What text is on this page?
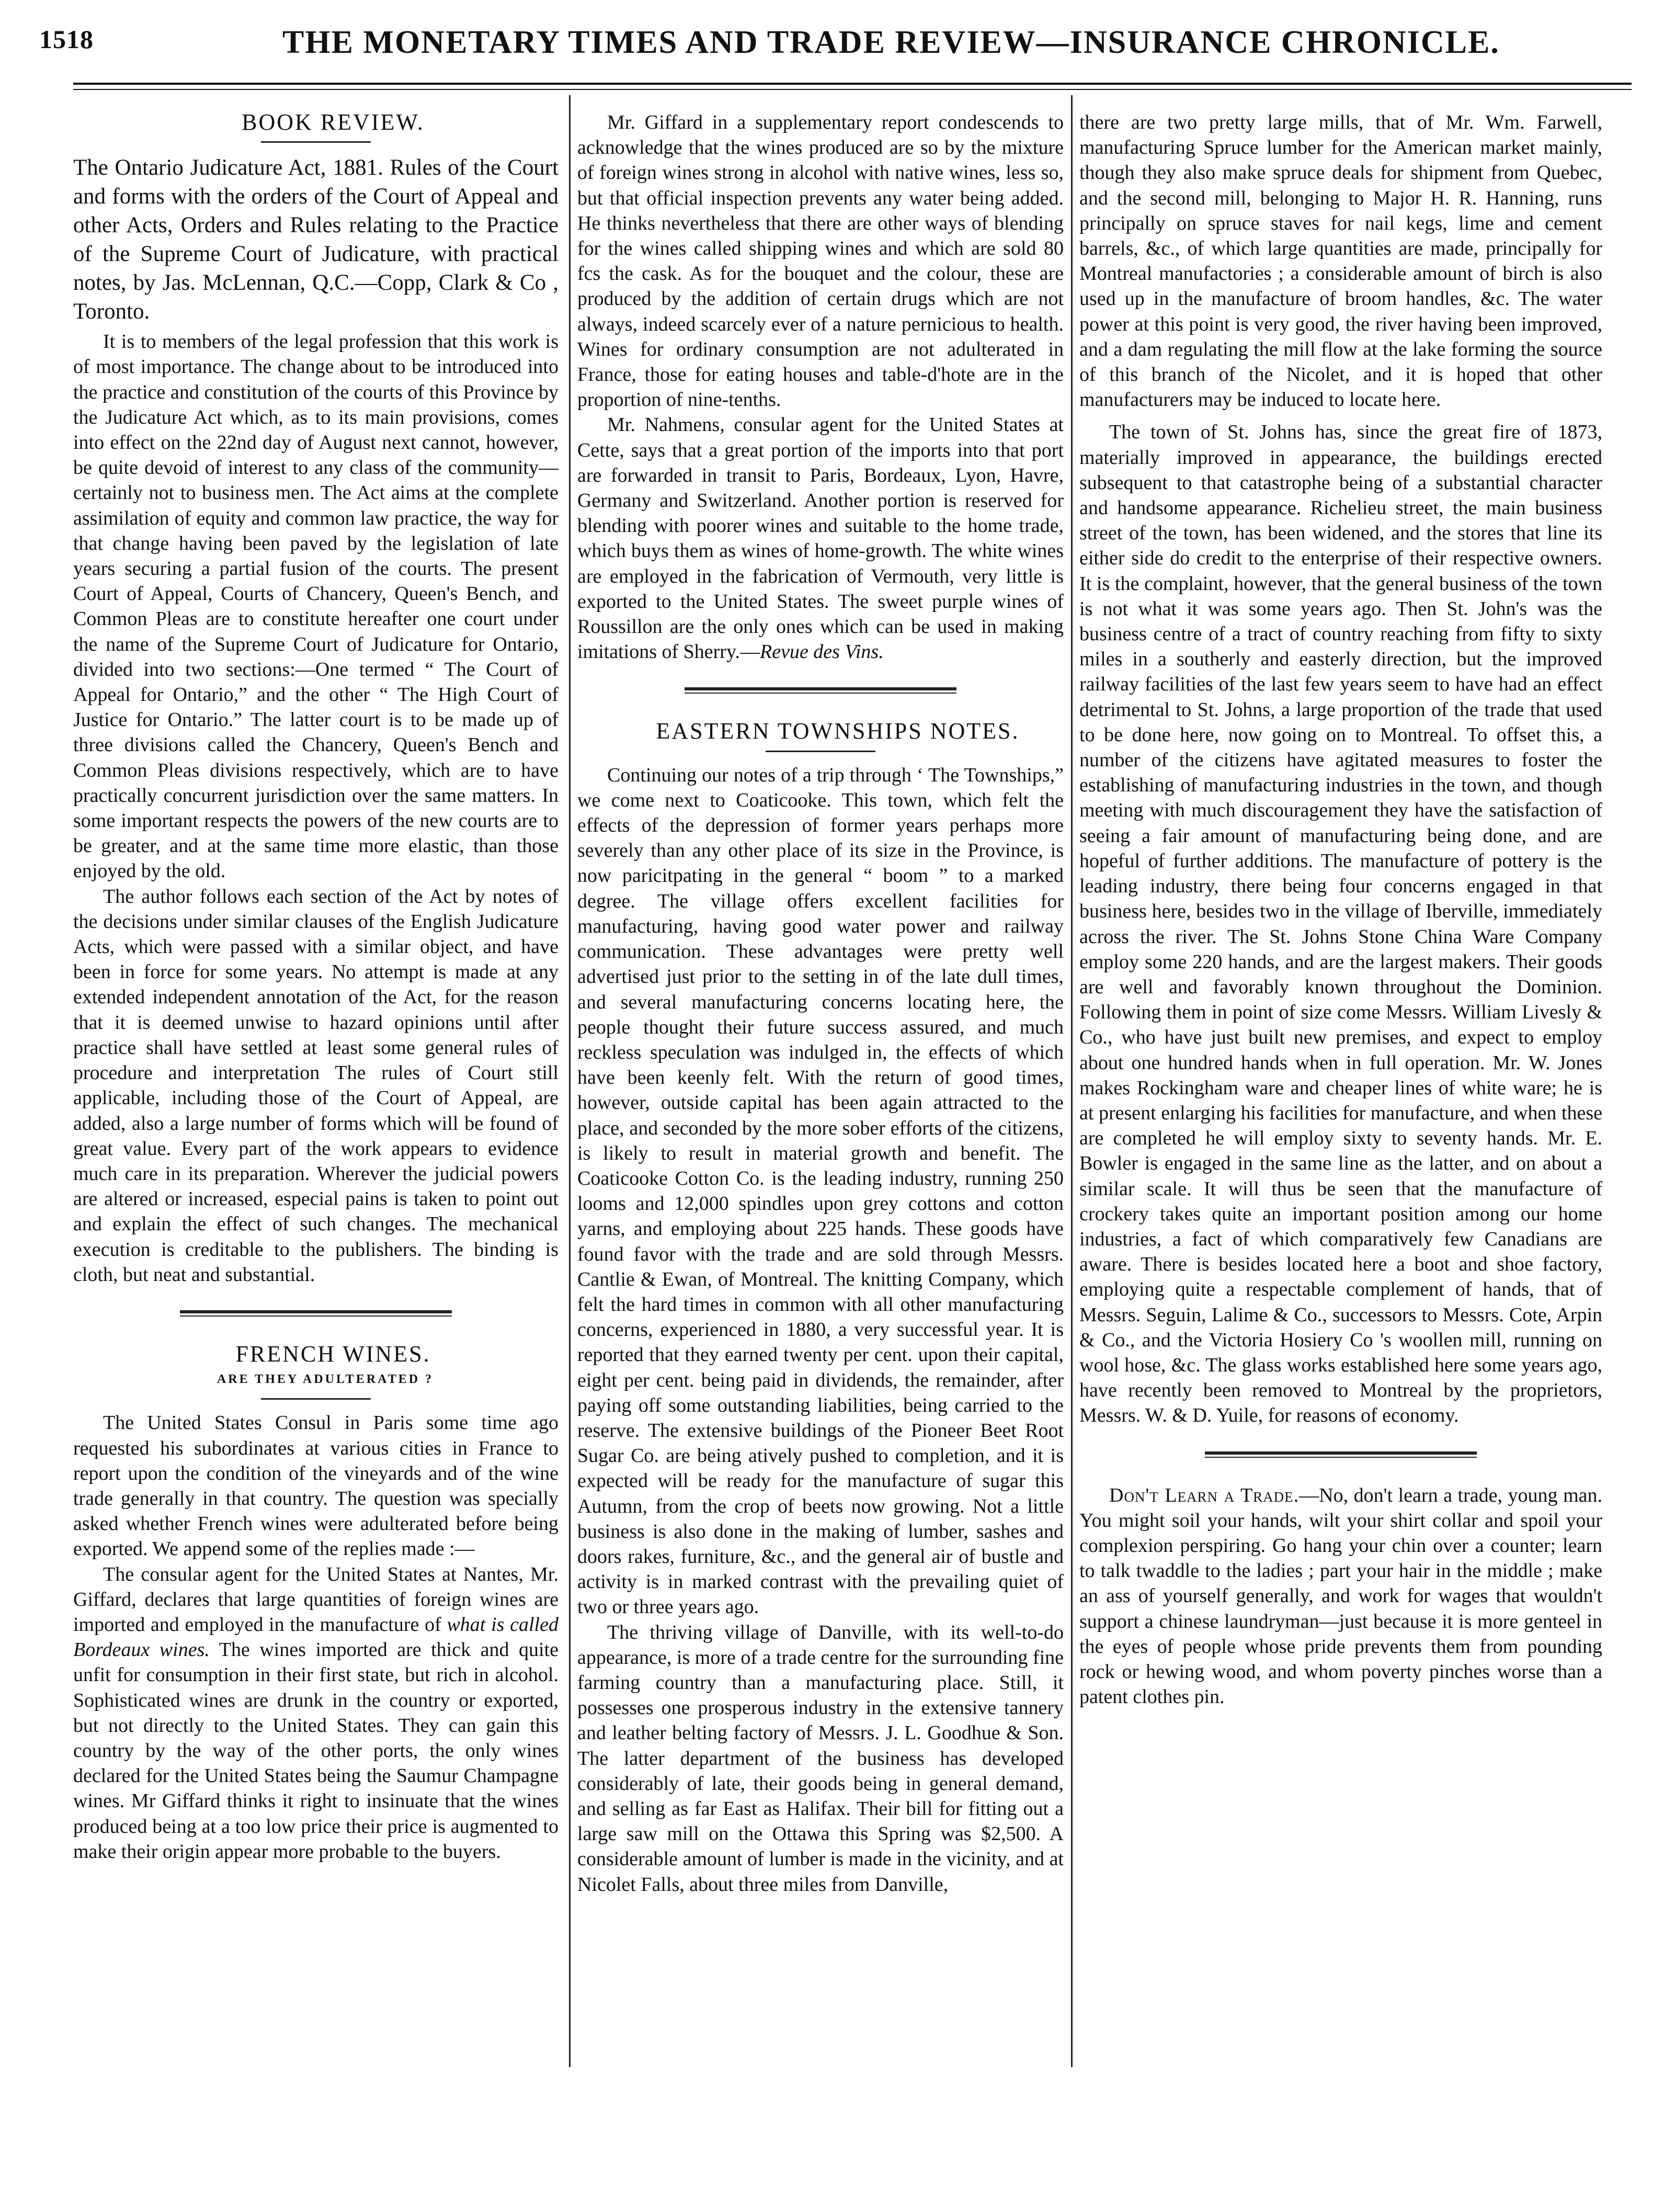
1518	THE MONETARY TIMES AND TRADE REVIEW—INSURANCE CHRONICLE.

BOOK REVIEW.

The Ontario Judicature Act, 1881. Rules of the Court and forms with the orders of the Court of Appeal and other Acts, Orders and Rules relating to the Practice of the Supreme Court of Judicature, with practical notes, by Jas. McLennan, Q.C.—Copp, Clark & Co , Toronto.

It is to members of the legal profession that this work is of most importance. The change about to be introduced into the practice and constitution of the courts of this Province by the Judicature Act which, as to its main provisions, comes into effect on the 22nd day of August next cannot, however, be quite devoid of interest to any class of the community—certainly not to business men. The Act aims at the complete assimilation of equity and common law practice, the way for that change having been paved by the legislation of late years securing a partial fusion of the courts. The present Court of Appeal, Courts of Chancery, Queen's Bench, and Common Pleas are to constitute hereafter one court under the name of the Supreme Court of Judicature for Ontario, divided into two sections:—One termed “ The Court of Appeal for Ontario,” and the other “ The High Court of Justice for Ontario.” The latter court is to be made up of three divisions called the Chancery, Queen's Bench and Common Pleas divisions respectively, which are to have practically concurrent jurisdiction over the same matters. In some important respects the powers of the new courts are to be greater, and at the same time more elastic, than those enjoyed by the old.

The author follows each section of the Act by notes of the decisions under similar clauses of the English Judicature Acts, which were passed with a similar object, and have been in force for some years. No attempt is made at any extended independent annotation of the Act, for the reason that it is deemed unwise to hazard opinions until after practice shall have settled at least some general rules of procedure and interpretation The rules of Court still applicable, including those of the Court of Appeal, are added, also a large number of forms which will be found of great value. Every part of the work appears to evidence much care in its preparation. Wherever the judicial powers are altered or increased, especial pains is taken to point out and explain the effect of such changes. The mechanical execution is creditable to the publishers. The binding is cloth, but neat and substantial.

FRENCH WINES.

ARE THEY ADULTERATED ?

The United States Consul in Paris some time ago requested his subordinates at various cities in France to report upon the condition of the vineyards and of the wine trade generally in that country. The question was specially asked whether French wines were adulterated before being exported. We append some of the replies made :—

The consular agent for the United States at Nantes, Mr. Giffard, declares that large quantities of foreign wines are imported and employed in the manufacture of what is called Bordeaux wines. The wines imported are thick and quite unfit for consumption in their first state, but rich in alcohol. Sophisticated wines are drunk in the country or exported, but not directly to the United States. They can gain this country by the way of the other ports, the only wines declared for the United States being the Saumur Champagne wines. Mr Giffard thinks it right to insinuate that the wines produced being at a too low price their price is augmented to make their origin appear more probable to the buyers.

Mr. Giffard in a supplementary report condescends to acknowledge that the wines produced are so by the mixture of foreign wines strong in alcohol with native wines, less so, but that official inspection prevents any water being added. He thinks nevertheless that there are other ways of blending for the wines called shipping wines and which are sold 80 fcs the cask. As for the bouquet and the colour, these are produced by the addition of certain drugs which are not always, indeed scarcely ever of a nature pernicious to health. Wines for ordinary consumption are not adulterated in France, those for eating houses and table-d'hote are in the proportion of nine-tenths.

Mr. Nahmens, consular agent for the United States at Cette, says that a great portion of the imports into that port are forwarded in transit to Paris, Bordeaux, Lyon, Havre, Germany and Switzerland. Another portion is reserved for blending with poorer wines and suitable to the home trade, which buys them as wines of home-growth. The white wines are employed in the fabrication of Vermouth, very little is exported to the United States. The sweet purple wines of Roussillon are the only ones which can be used in making imitations of Sherry.—Revue des Vins.

EASTERN TOWNSHIPS NOTES.

Continuing our notes of a trip through ‘ The Townships,” we come next to Coaticooke. This town, which felt the effects of the depression of former years perhaps more severely than any other place of its size in the Province, is now paricitpating in the general “ boom ” to a marked degree. The village offers excellent facilities for manufacturing, having good water power and railway communication. These advantages were pretty well advertised just prior to the setting in of the late dull times, and several manufacturing concerns locating here, the people thought their future success assured, and much reckless speculation was indulged in, the effects of which have been keenly felt. With the return of good times, however, outside capital has been again attracted to the place, and seconded by the more sober efforts of the citizens, is likely to result in material growth and benefit. The Coaticooke Cotton Co. is the leading industry, running 250 looms and 12,000 spindles upon grey cottons and cotton yarns, and employing about 225 hands. These goods have found favor with the trade and are sold through Messrs. Cantlie & Ewan, of Montreal. The knitting Company, which felt the hard times in common with all other manufacturing concerns, experienced in 1880, a very successful year. It is reported that they earned twenty per cent. upon their capital, eight per cent. being paid in dividends, the remainder, after paying off some outstanding liabilities, being carried to the reserve. The extensive buildings of the Pioneer Beet Root Sugar Co. are being atively pushed to completion, and it is expected will be ready for the manufacture of sugar this Autumn, from the crop of beets now growing. Not a little business is also done in the making of lumber, sashes and doors rakes, furniture, &c., and the general air of bustle and activity is in marked contrast with the prevailing quiet of two or three years ago.

The thriving village of Danville, with its well-to-do appearance, is more of a trade centre for the surrounding fine farming country than a manufacturing place. Still, it possesses one prosperous industry in the extensive tannery and leather belting factory of Messrs. J. L. Goodhue & Son. The latter department of the business has developed considerably of late, their goods being in general demand, and selling as far East as Halifax. Their bill for fitting out a large saw mill on the Ottawa this Spring was $2,500. A considerable amount of lumber is made in the vicinity, and at Nicolet Falls, about three miles from Danville,

there are two pretty large mills, that of Mr. Wm. Farwell, manufacturing Spruce lumber for the American market mainly, though they also make spruce deals for shipment from Quebec, and the second mill, belonging to Major H. R. Hanning, runs principally on spruce staves for nail kegs, lime and cement barrels, &c., of which large quantities are made, principally for Montreal manufactories ; a considerable amount of birch is also used up in the manufacture of broom handles, &c. The water power at this point is very good, the river having been improved, and a dam regulating the mill flow at the lake forming the source of this branch of the Nicolet, and it is hoped that other manufacturers may be induced to locate here.

The town of St. Johns has, since the great fire of 1873, materially improved in appearance, the buildings erected subsequent to that catastrophe being of a substantial character and handsome appearance. Richelieu street, the main business street of the town, has been widened, and the stores that line its either side do credit to the enterprise of their respective owners. It is the complaint, however, that the general business of the town is not what it was some years ago. Then St. John's was the business centre of a tract of country reaching from fifty to sixty miles in a southerly and easterly direction, but the improved railway facilities of the last few years seem to have had an effect detrimental to St. Johns, a large proportion of the trade that used to be done here, now going on to Montreal. To offset this, a number of the citizens have agitated measures to foster the establishing of manufacturing industries in the town, and though meeting with much discouragement they have the satisfaction of seeing a fair amount of manufacturing being done, and are hopeful of further additions. The manufacture of pottery is the leading industry, there being four concerns engaged in that business here, besides two in the village of Iberville, immediately across the river. The St. Johns Stone China Ware Company employ some 220 hands, and are the largest makers. Their goods are well and favorably known throughout the Dominion. Following them in point of size come Messrs. William Livesly & Co., who have just built new premises, and expect to employ about one hundred hands when in full operation. Mr. W. Jones makes Rockingham ware and cheaper lines of white ware; he is at present enlarging his facilities for manufacture, and when these are completed he will employ sixty to seventy hands. Mr. E. Bowler is engaged in the same line as the latter, and on about a similar scale. It will thus be seen that the manufacture of crockery takes quite an important position among our home industries, a fact of which comparatively few Canadians are aware. There is besides located here a boot and shoe factory, employing quite a respectable complement of hands, that of Messrs. Seguin, Lalime & Co., successors to Messrs. Cote, Arpin & Co., and the Victoria Hosiery Co 's woollen mill, running on wool hose, &c. The glass works established here some years ago, have recently been removed to Montreal by the proprietors, Messrs. W. & D. Yuile, for reasons of economy.

Don't Learn a Trade.—No, don't learn a trade, young man. You might soil your hands, wilt your shirt collar and spoil your complexion perspiring. Go hang your chin over a counter; learn to talk twaddle to the ladies ; part your hair in the middle ; make an ass of yourself generally, and work for wages that wouldn't support a chinese laundryman—just because it is more genteel in the eyes of people whose pride prevents them from pounding rock or hewing wood, and whom poverty pinches worse than a patent clothes pin.
